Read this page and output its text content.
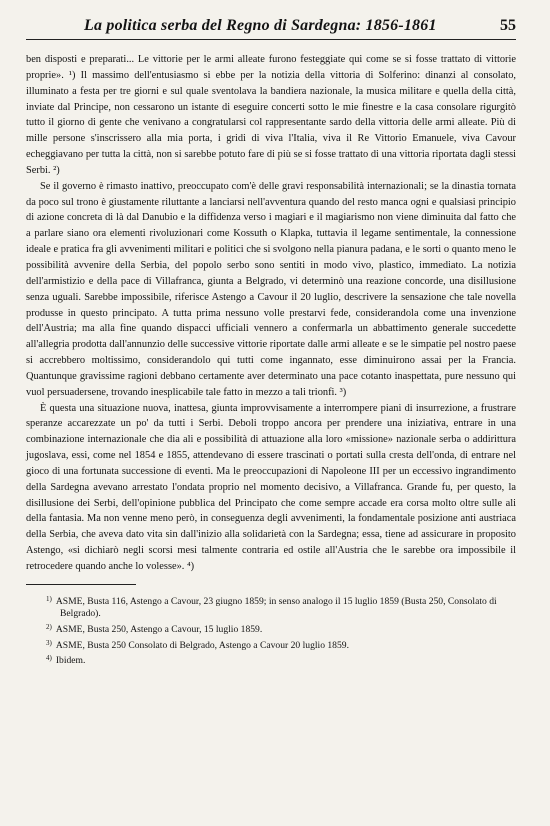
La politica serba del Regno di Sardegna: 1856-1861	55

ben disposti e preparati... Le vittorie per le armi alleate furono festeggiate qui come se si fosse trattato di vittorie proprie». ¹) Il massimo dell'entusiasmo si ebbe per la notizia della vittoria di Solferino: dinanzi al consolato, illuminato a festa per tre giorni e sul quale sventolava la bandiera nazionale, la musica militare e quella della città, inviate dal Principe, non cessarono un istante di eseguire concerti sotto le mie finestre e la casa consolare rigurgitò tutto il giorno di gente che venivano a congratularsi col rappresentante sardo della vittoria delle armi alleate. Più di mille persone s'inscrissero alla mia porta, i gridi di viva l'Italia, viva il Re Vittorio Emanuele, viva Cavour echeggiavano per tutta la città, non si sarebbe potuto fare di più se si fosse trattato di una vittoria riportata dagli stessi Serbi. ²)

Se il governo è rimasto inattivo, preoccupato com'è delle gravi responsabilità internazionali; se la dinastia tornata da poco sul trono è giustamente riluttante a lanciarsi nell'avventura quando del resto manca ogni e qualsiasi principio di azione concreta di là dal Danubio e la diffidenza verso i magiari e il magiarismo non viene diminuita dal fatto che a parlare siano ora elementi rivoluzionari come Kossuth o Klapka, tuttavia il legame sentimentale, la connessione ideale e pratica fra gli avvenimenti militari e politici che si svolgono nella pianura padana, e le sorti o quanto meno le possibilità avvenire della Serbia, del popolo serbo sono sentiti in modo vivo, plastico, immediato. La notizia dell'armistizio e della pace di Villafranca, giunta a Belgrado, vi determinò una reazione concorde, una disillusione senza uguali. Sarebbe impossibile, riferisce Astengo a Cavour il 20 luglio, descrivere la sensazione che tale novella produsse in questo principato. A tutta prima nessuno volle prestarvi fede, considerandola come una invenzione dell'Austria; ma alla fine quando dispacci ufficiali vennero a confermarla un abbattimento generale succedette all'allegria prodotta dall'annunzio delle successive vittorie riportate dalle armi alleate e se le simpatie pel nostro paese si accrebbero moltissimo, considerandolo qui tutti come ingannato, esse diminuirono assai per la Francia. Quantunque gravissime ragioni debbano certamente aver determinato una pace cotanto inaspettata, pure nessuno qui vuol persuadersene, trovando inesplicabile tale fatto in mezzo a tali trionfi. ³)

È questa una situazione nuova, inattesa, giunta improvvisamente a interrompere piani di insurrezione, a frustrare speranze accarezzate un po' da tutti i Serbi. Deboli troppo ancora per prendere una iniziativa, entrare in una combinazione internazionale che dia ali e possibilità di attuazione alla loro «missione» nazionale serba o addirittura jugoslava, essi, come nel 1854 e 1855, attendevano di essere trascinati o portati sulla cresta dell'onda, di entrare nel gioco di una fortunata successione di eventi. Ma le preoccupazioni di Napoleone III per un eccessivo ingrandimento della Sardegna avevano arrestato l'ondata proprio nel momento decisivo, a Villafranca. Grande fu, per questo, la disillusione dei Serbi, dell'opinione pubblica del Principato che come sempre accade era corsa molto oltre sulle ali della fantasia. Ma non venne meno però, in conseguenza degli avvenimenti, la fondamentale posizione anti austriaca della Serbia, che aveva dato vita sin dall'inizio alla solidarietà con la Sardegna; essa, tiene ad assicurare in proposito Astengo, «si dichiarò negli scorsi mesi talmente contraria ed ostile all'Austria che le sarebbe ora impossibile il retrocedere quando anche lo volesse». ⁴)

$^{1)}$ ASME, Busta 116, Astengo a Cavour, 23 giugno 1859; in senso analogo il 15 luglio 1859 (Busta 250, Consolato di Belgrado).
$^{2)}$ ASME, Busta 250, Astengo a Cavour, 15 luglio 1859.
$^{3)}$ ASME, Busta 250 Consolato di Belgrado, Astengo a Cavour 20 luglio 1859.
$^{4)}$ Ibidem.
